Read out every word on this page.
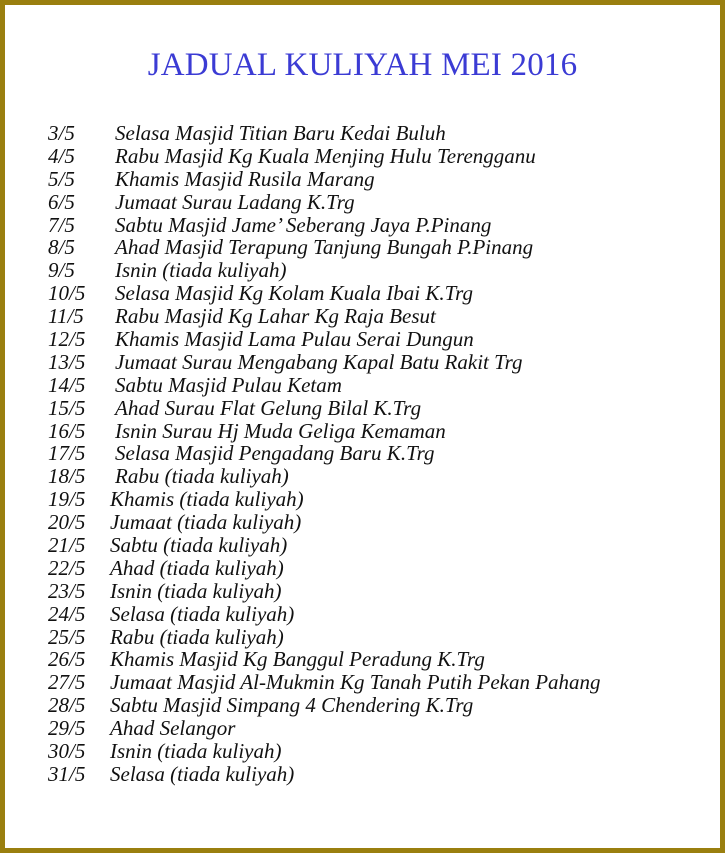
JADUAL KULIYAH MEI 2016
3/5 Selasa Masjid Titian Baru Kedai Buluh
4/5 Rabu Masjid Kg Kuala Menjing Hulu Terengganu
5/5 Khamis Masjid Rusila Marang
6/5 Jumaat Surau Ladang K.Trg
7/5 Sabtu Masjid Jame’ Seberang Jaya P.Pinang
8/5 Ahad Masjid Terapung Tanjung Bungah P.Pinang
9/5 Isnin (tiada kuliyah)
10/5 Selasa Masjid Kg Kolam Kuala Ibai K.Trg
11/5 Rabu Masjid Kg Lahar Kg Raja Besut
12/5 Khamis Masjid Lama Pulau Serai Dungun
13/5 Jumaat Surau Mengabang Kapal Batu Rakit Trg
14/5 Sabtu Masjid Pulau Ketam
15/5 Ahad Surau Flat Gelung Bilal K.Trg
16/5 Isnin Surau Hj Muda Geliga Kemaman
17/5 Selasa Masjid Pengadang Baru K.Trg
18/5 Rabu (tiada kuliyah)
19/5 Khamis (tiada kuliyah)
20/5 Jumaat (tiada kuliyah)
21/5 Sabtu (tiada kuliyah)
22/5 Ahad (tiada kuliyah)
23/5 Isnin (tiada kuliyah)
24/5 Selasa (tiada kuliyah)
25/5 Rabu (tiada kuliyah)
26/5 Khamis Masjid Kg Banggul Peradung K.Trg
27/5 Jumaat Masjid Al-Mukmin Kg Tanah Putih Pekan Pahang
28/5 Sabtu Masjid Simpang 4 Chendering K.Trg
29/5 Ahad Selangor
30/5 Isnin (tiada kuliyah)
31/5 Selasa (tiada kuliyah)
